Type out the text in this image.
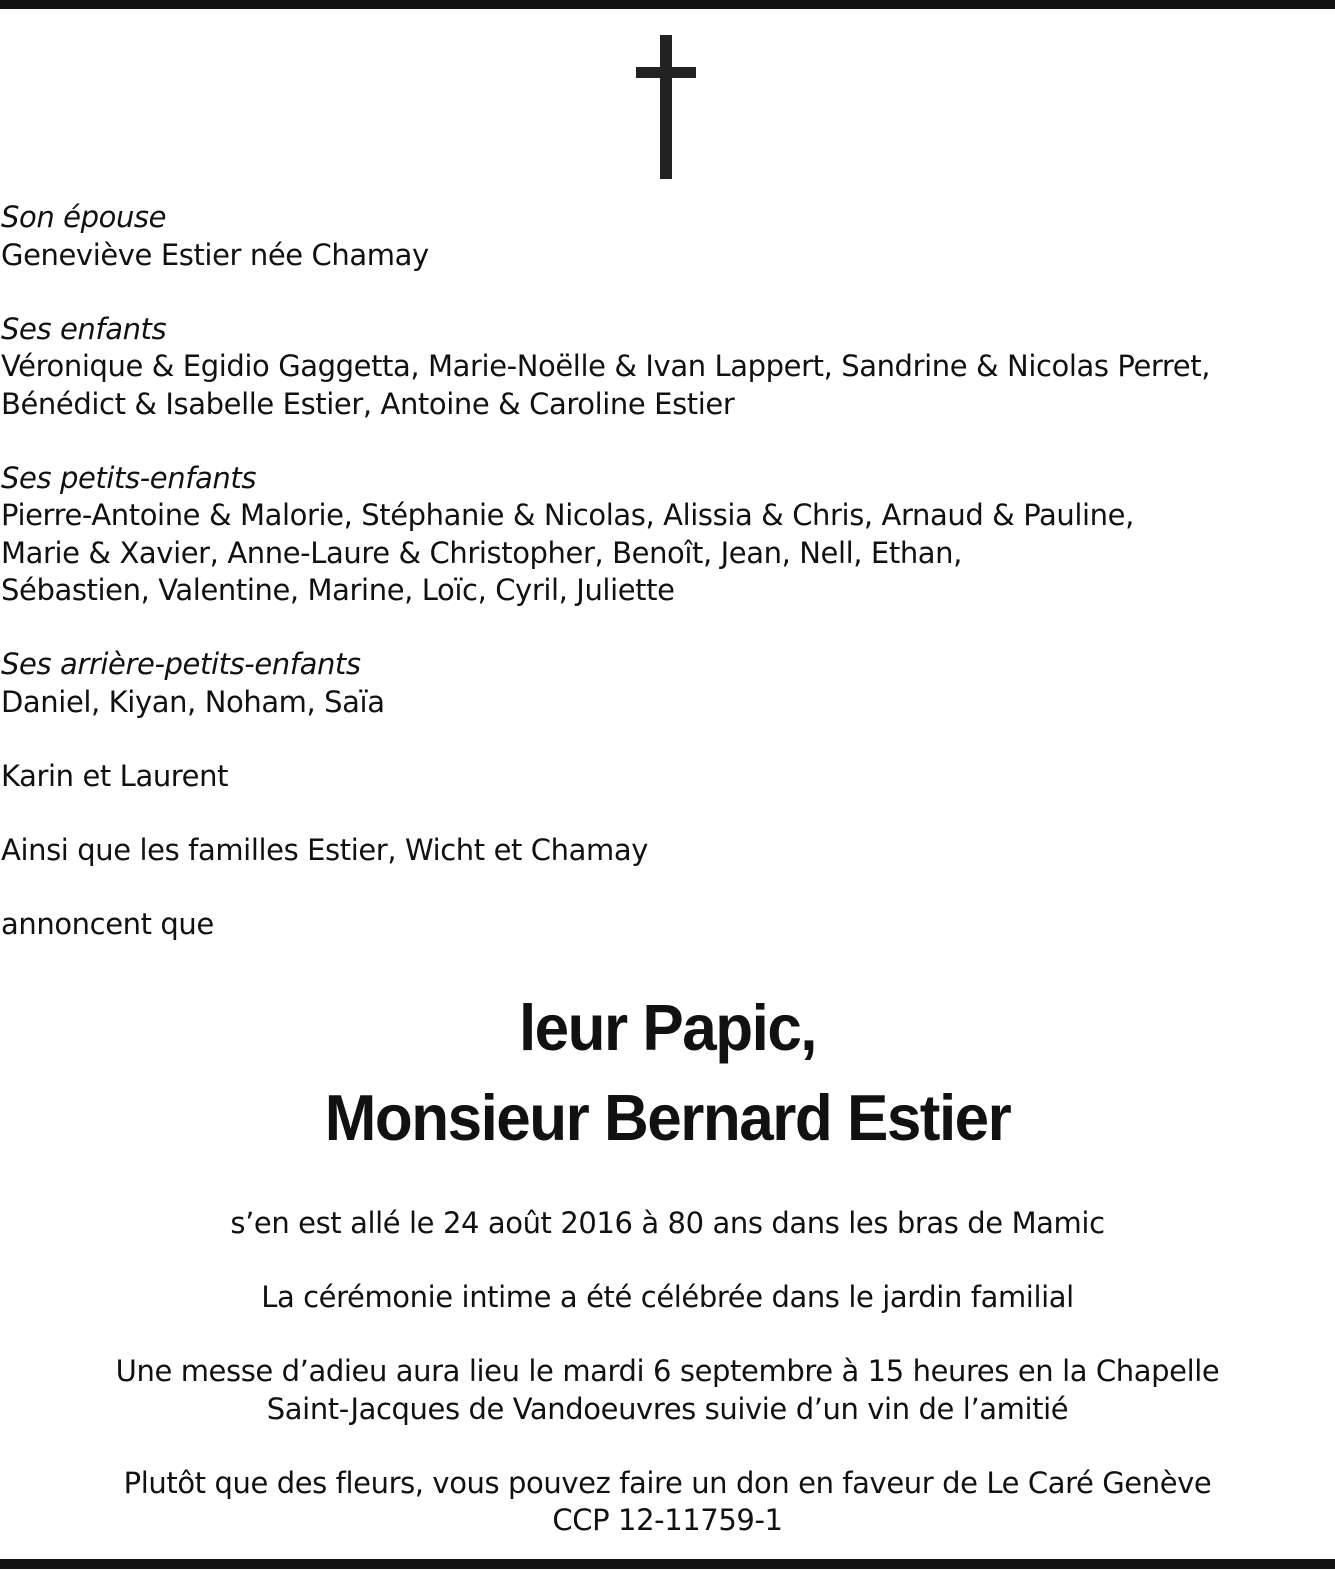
Son épouse

Geneviève Estier née Chamay

Ses enfants

Véronique & Egidio Gaggetta, Marie-Noëlle & Ivan Lappert, Sandrine & Nicolas Perret,

Bénédict & Isabelle Estier, Antoine & Caroline Estier

Ses petits-enfants

Pierre-Antoine & Malorie, Stéphanie & Nicolas, Alissia & Chris, Arnaud & Pauline,

Marie & Xavier, Anne-Laure & Christopher, Benoît, Jean, Nell, Ethan,

Sébastien, Valentine, Marine, Loïc, Cyril, Juliette

Ses arrière-petits-enfants

Daniel, Kiyan, Noham, Saïa

Karin et Laurent

Ainsi que les familles Estier, Wicht et Chamay

annoncent que

leur Papic,
Monsieur Bernard Estier

s’en est allé le 24 août 2016 à 80 ans dans les bras de Mamic

La cérémonie intime a été célébrée dans le jardin familial

Une messe d’adieu aura lieu le mardi 6 septembre à 15 heures en la Chapelle

Saint-Jacques de Vandoeuvres suivie d’un vin de l’amitié

Plutôt que des fleurs, vous pouvez faire un don en faveur de Le Caré Genève

CCP 12-11759-1
